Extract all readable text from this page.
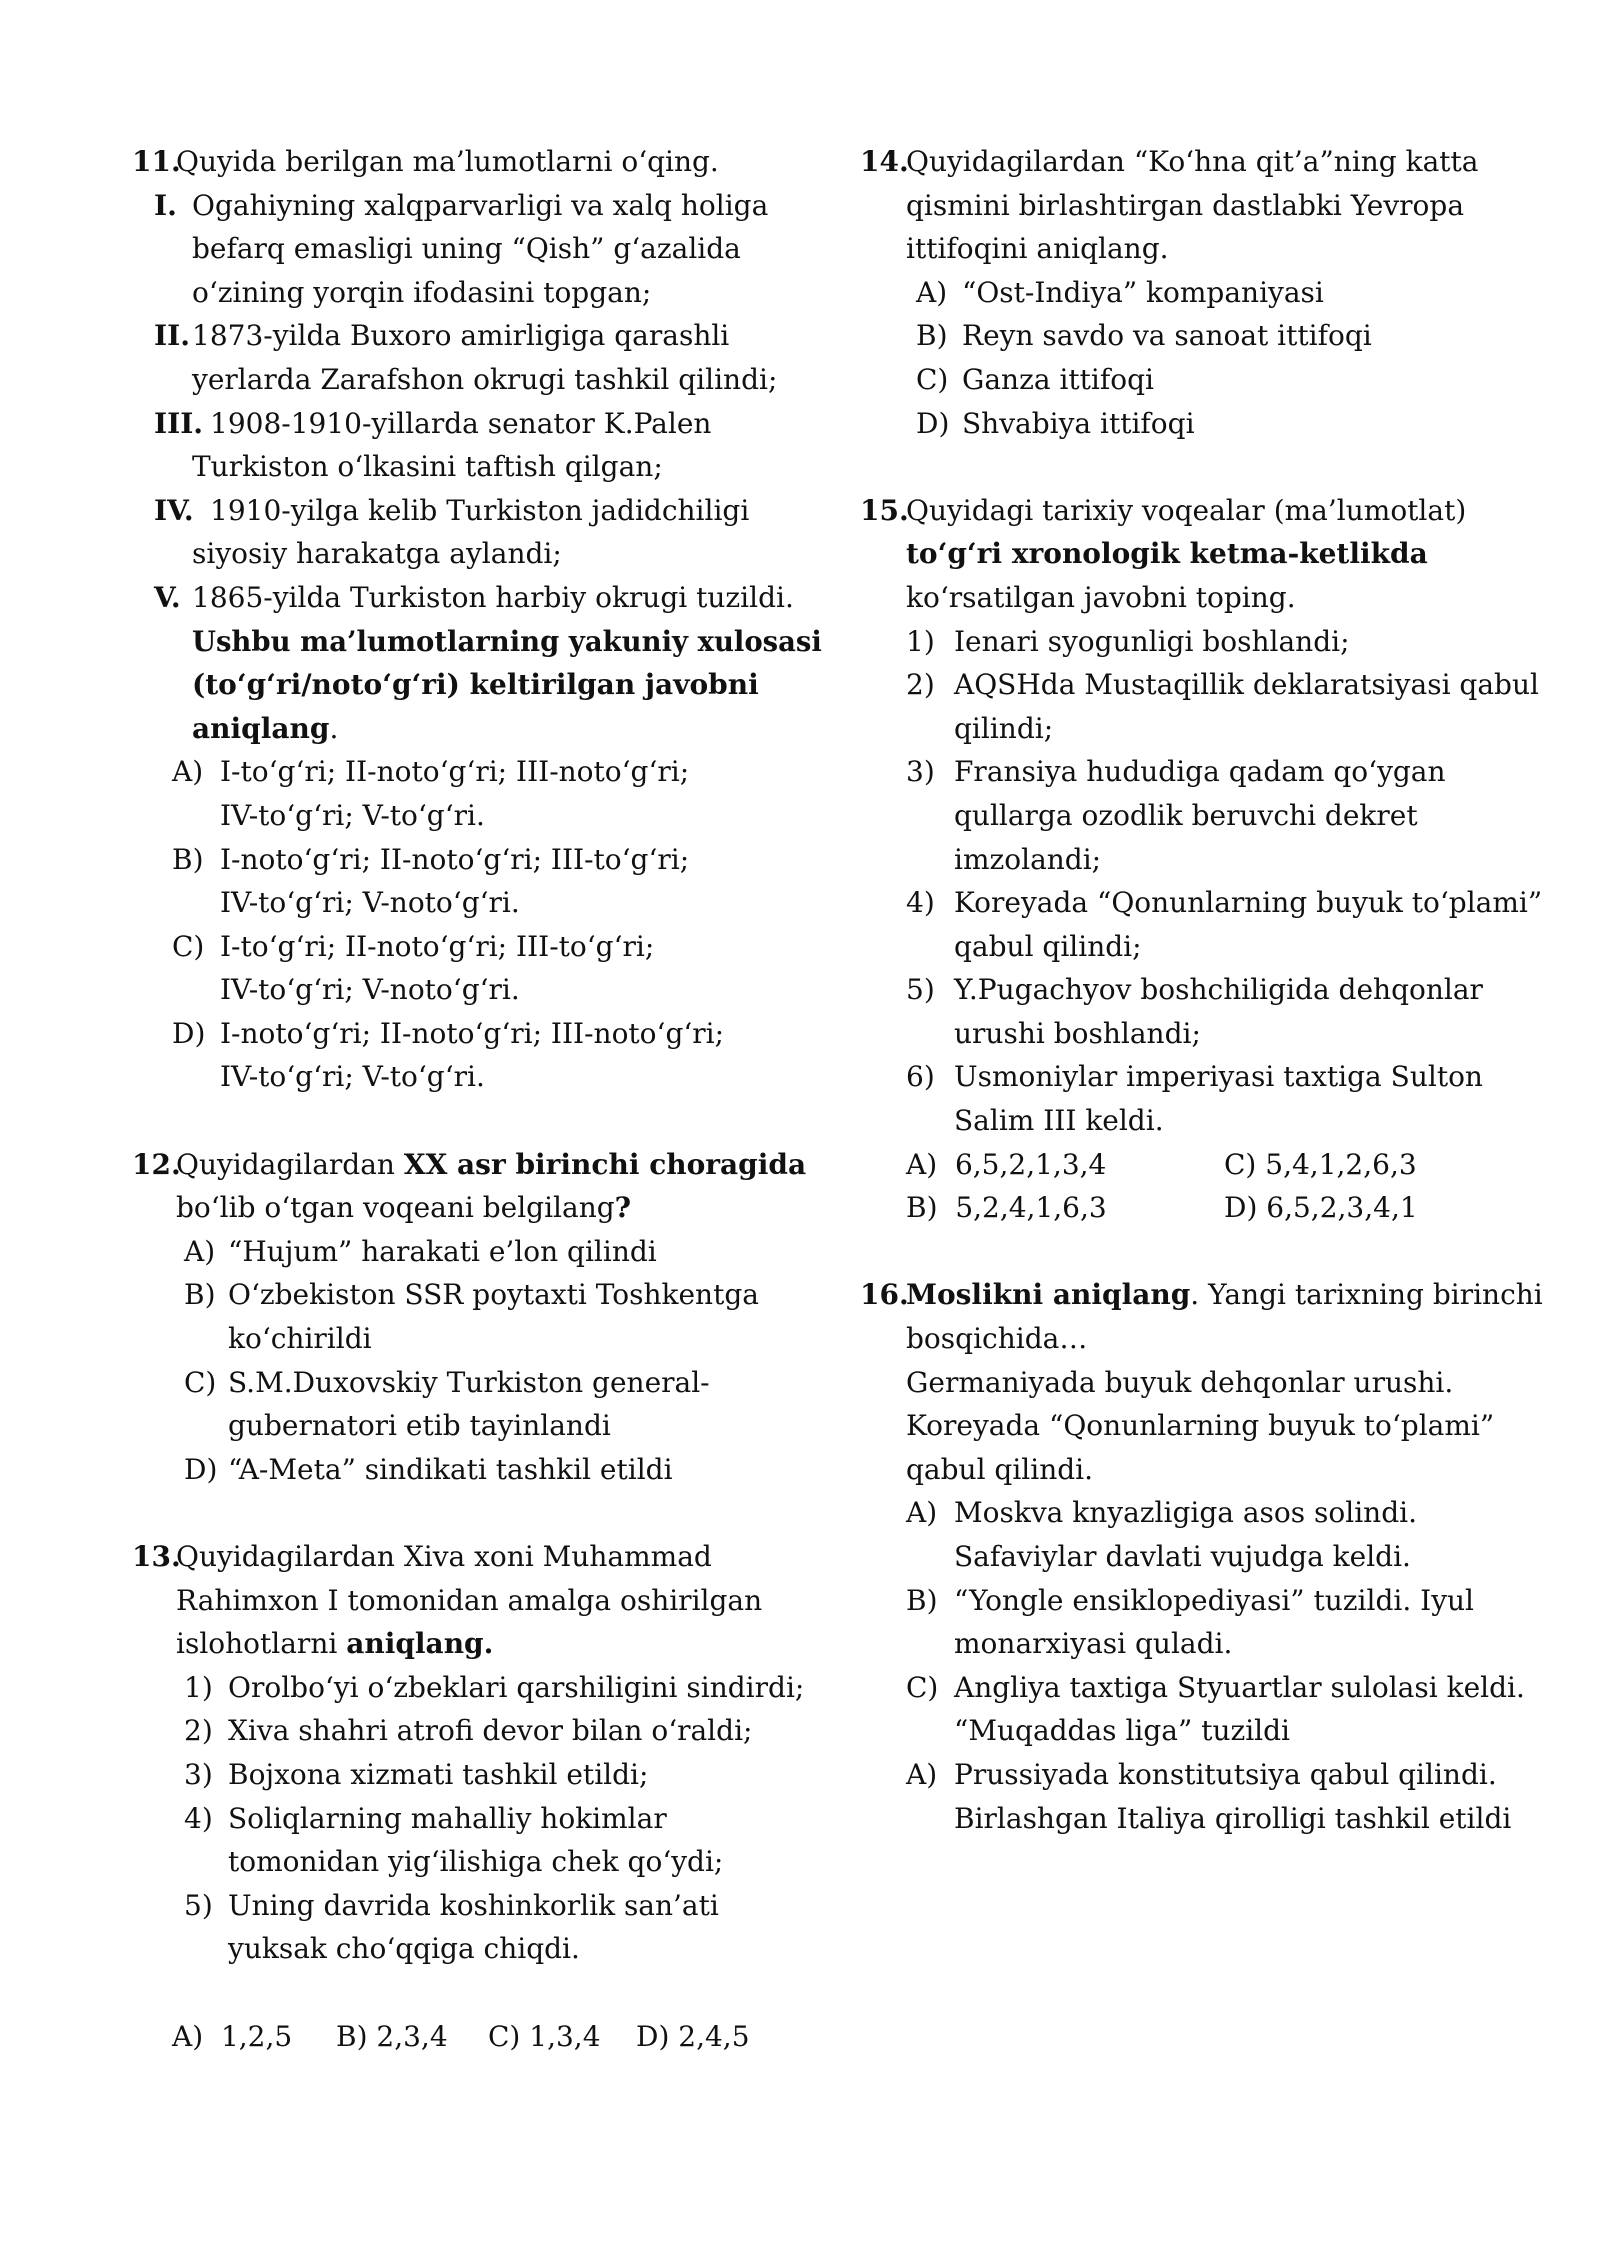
11.
Quyida berilgan ma’lumotlarni o‘qing.
I. Ogahiyning xalqparvarligi va xalq holiga
befarq emasligi uning “Qish” g‘azalida
o‘zining yorqin ifodasini topgan;
II. 1873-yilda Buxoro amirligiga qarashli
yerlarda Zarafshon okrugi tashkil qilindi;
III. 1908-1910-yillarda senator K.Palen
Turkiston o‘lkasini taftish qilgan;
IV. 1910-yilga kelib Turkiston jadidchiligi
siyosiy harakatga aylandi;
V. 1865-yilda Turkiston harbiy okrugi tuzildi.
Ushbu ma’lumotlarning yakuniy xulosasi
(to‘g‘ri/noto‘g‘ri) keltirilgan javobni
aniqlang.
A) I-to‘g‘ri; II-noto‘g‘ri; III-noto‘g‘ri;
IV-to‘g‘ri; V-to‘g‘ri.
B) I-noto‘g‘ri; II-noto‘g‘ri; III-to‘g‘ri;
IV-to‘g‘ri; V-noto‘g‘ri.
C) I-to‘g‘ri; II-noto‘g‘ri; III-to‘g‘ri;
IV-to‘g‘ri; V-noto‘g‘ri.
D) I-noto‘g‘ri; II-noto‘g‘ri; III-noto‘g‘ri;
IV-to‘g‘ri; V-to‘g‘ri.
12.
Quyidagilardan XX asr birinchi choragida
bo‘lib o‘tgan voqeani belgilang?
A) “Hujum” harakati e’lon qilindi
B) O‘zbekiston SSR poytaxti Toshkentga
ko‘chirildi
C) S.M.Duxovskiy Turkiston general-
gubernatori etib tayinlandi
D) “A-Meta” sindikati tashkil etildi
13.
Quyidagilardan Xiva xoni Muhammad
Rahimxon I tomonidan amalga oshirilgan
islohotlarni aniqlang.
1) Orolbo‘yi o‘zbeklari qarshiligini sindirdi;
2) Xiva shahri atrofi devor bilan o‘raldi;
3) Bojxona xizmati tashkil etildi;
4) Soliqlarning mahalliy hokimlar
tomonidan yig‘ilishiga chek qo‘ydi;
5) Uning davrida koshinkorlik san’ati
yuksak cho‘qqiga chiqdi.
A) 1,2,5 B) 2,3,4 C) 1,3,4 D) 2,4,5
14.
Quyidagilardan “Ko‘hna qit’a”ning katta
qismini birlashtirgan dastlabki Yevropa
ittifoqini aniqlang.
A) “Ost-Indiya” kompaniyasi
B) Reyn savdo va sanoat ittifoqi
C) Ganza ittifoqi
D) Shvabiya ittifoqi
15.
Quyidagi tarixiy voqealar (ma’lumotlat)
to‘g‘ri xronologik ketma-ketlikda
ko‘rsatilgan javobni toping.
1) Ienari syogunligi boshlandi;
2) AQSHda Mustaqillik deklaratsiyasi qabul
qilindi;
3) Fransiya hududiga qadam qo‘ygan
qullarga ozodlik beruvchi dekret
imzolandi;
4) Koreyada “Qonunlarning buyuk to‘plami”
qabul qilindi;
5) Y.Pugachyov boshchiligida dehqonlar
urushi boshlandi;
6) Usmoniylar imperiyasi taxtiga Sulton
Salim III keldi.
A) 6,5,2,1,3,4	C) 5,4,1,2,6,3
B) 5,2,4,1,6,3	D) 6,5,2,3,4,1
16.
Moslikni aniqlang. Yangi tarixning birinchi
bosqichida…
Germaniyada buyuk dehqonlar urushi.
Koreyada “Qonunlarning buyuk to‘plami”
qabul qilindi.
A) Moskva knyazligiga asos solindi.
Safaviylar davlati vujudga keldi.
B) “Yongle ensiklopediyasi” tuzildi. Iyul
monarxiyasi quladi.
C) Angliya taxtiga Styuartlar sulolasi keldi.
“Muqaddas liga” tuzildi
A) Prussiyada konstitutsiya qabul qilindi.
Birlashgan Italiya qirolligi tashkil etildi
